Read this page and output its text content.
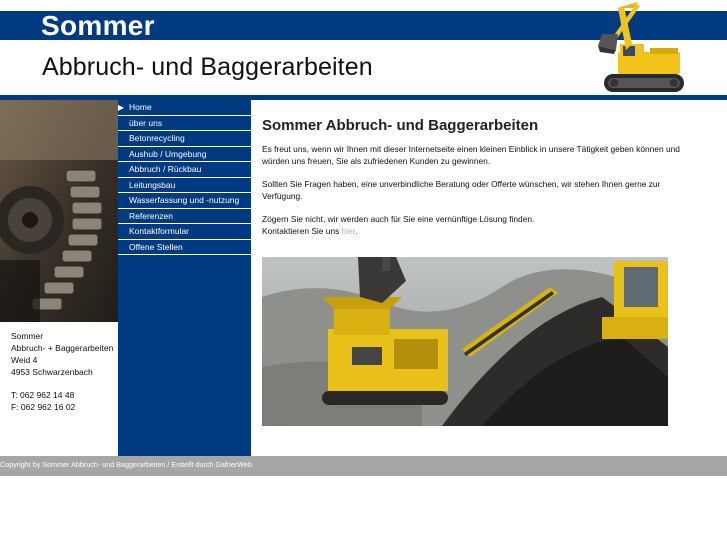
Sommer
Abbruch- und Baggerarbeiten
Sommer
Abbruch- + Baggerarbeiten
Weid 4
4953 Schwarzenbach
T: 062 962 14 48
F: 062 962 16 02
▶ Home
über uns
Betonrecycling
Aushub / Umgebung
Abbruch / Rückbau
Leitungsbau
Wasserfassung und -nutzung
Referenzen
Kontaktformular
Offene Stellen
Sommer Abbruch- und Baggerarbeiten

Es freut uns, wenn wir Ihnen mit dieser Internetseite einen kleinen Einblick in unsere Tätigkeit geben können und würden uns freuen, Sie als zufriedenen Kunden zu gewinnen.

Sollten Sie Fragen haben, eine unverbindliche Beratung oder Offerte wünschen, wir stehen Ihnen gerne zur Verfügung.

Zögern Sie nicht, wir werden auch für Sie eine vernünftige Lösung finden.

Kontaktieren Sie uns hier.

Copyright by Sommer Abbruch- und Baggerarbeiten / Erstellt durch GafnerWeb
